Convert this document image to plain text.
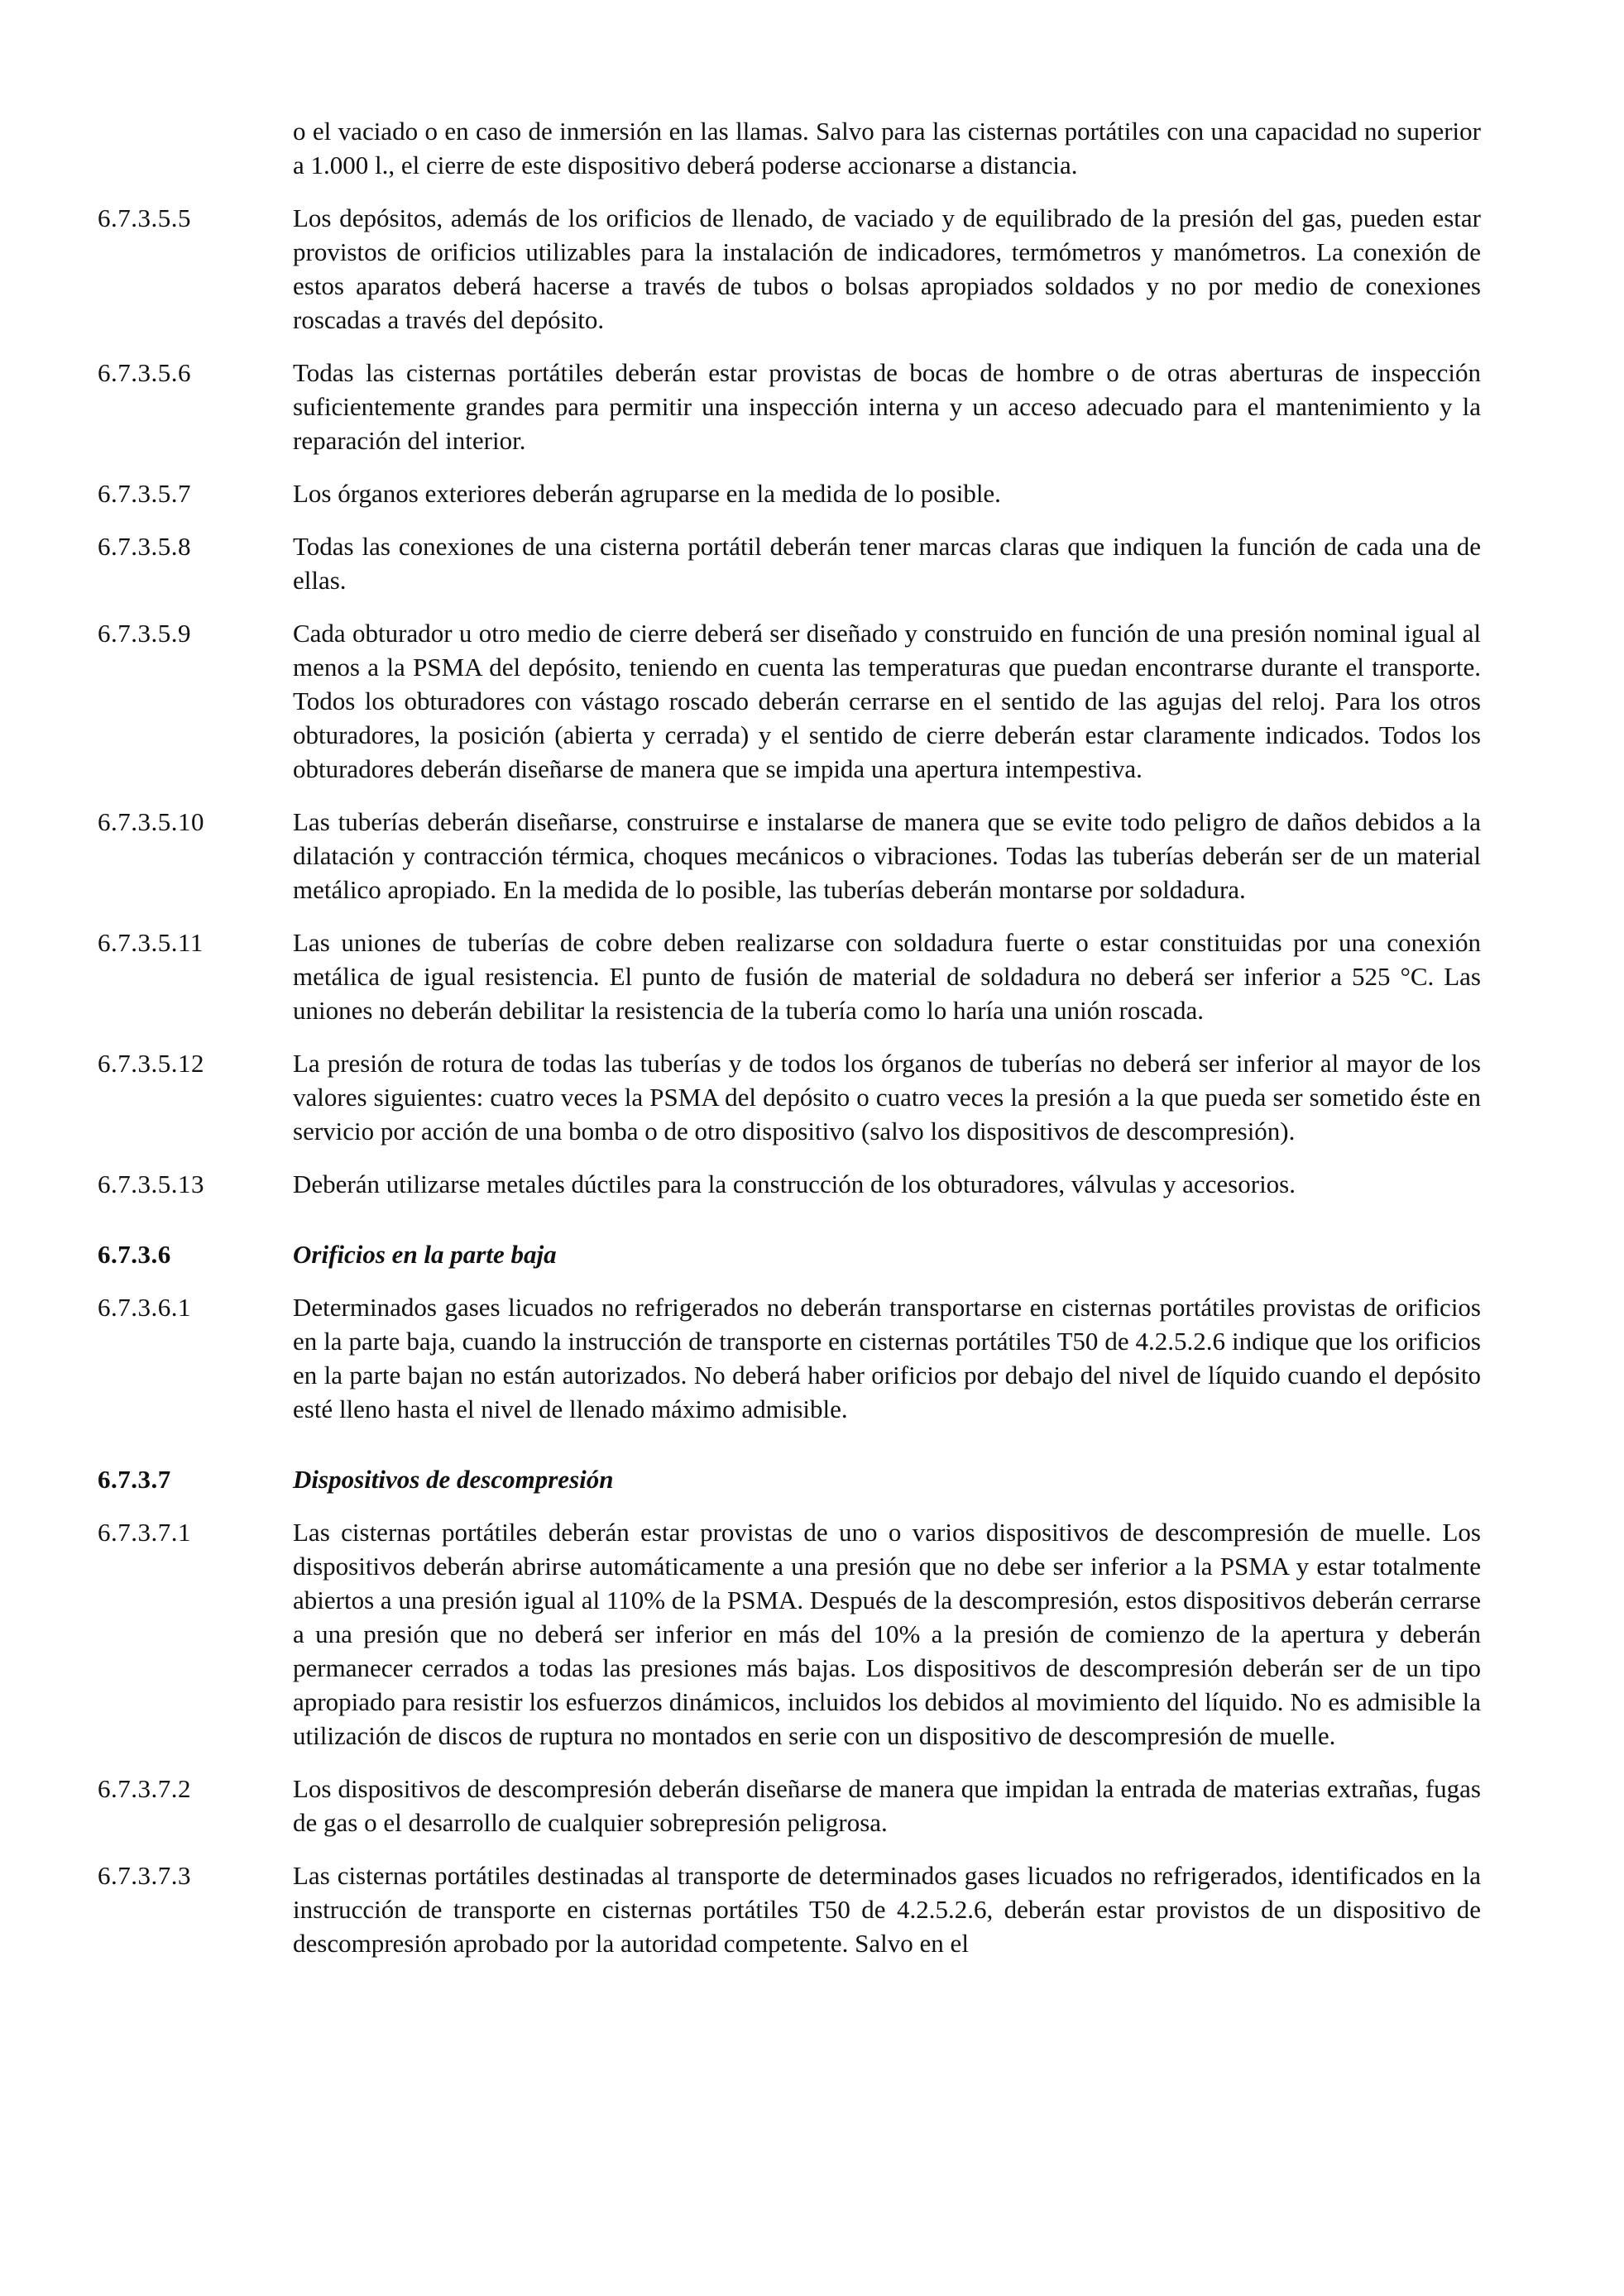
o el vaciado o en caso de inmersión en las llamas. Salvo para las cisternas portátiles con una capacidad no superior a 1.000 l., el cierre de este dispositivo deberá poderse accionarse a distancia.
6.7.3.5.5	Los depósitos, además de los orificios de llenado, de vaciado y de equilibrado de la presión del gas, pueden estar provistos de orificios utilizables para la instalación de indicadores, termómetros y manómetros. La conexión de estos aparatos deberá hacerse a través de tubos o bolsas apropiados soldados y no por medio de conexiones roscadas a través del depósito.
6.7.3.5.6	Todas las cisternas portátiles deberán estar provistas de bocas de hombre o de otras aberturas de inspección suficientemente grandes para permitir una inspección interna y un acceso adecuado para el mantenimiento y la reparación del interior.
6.7.3.5.7	Los órganos exteriores deberán agruparse en la medida de lo posible.
6.7.3.5.8	Todas las conexiones de una cisterna portátil deberán tener marcas claras que indiquen la función de cada una de ellas.
6.7.3.5.9	Cada obturador u otro medio de cierre deberá ser diseñado y construido en función de una presión nominal igual al menos a la PSMA del depósito, teniendo en cuenta las temperaturas que puedan encontrarse durante el transporte. Todos los obturadores con vástago roscado deberán cerrarse en el sentido de las agujas del reloj. Para los otros obturadores, la posición (abierta y cerrada) y el sentido de cierre deberán estar claramente indicados. Todos los obturadores deberán diseñarse de manera que se impida una apertura intempestiva.
6.7.3.5.10	Las tuberías deberán diseñarse, construirse e instalarse de manera que se evite todo peligro de daños debidos a la dilatación y contracción térmica, choques mecánicos o vibraciones. Todas las tuberías deberán ser de un material metálico apropiado. En la medida de lo posible, las tuberías deberán montarse por soldadura.
6.7.3.5.11	Las uniones de tuberías de cobre deben realizarse con soldadura fuerte o estar constituidas por una conexión metálica de igual resistencia. El punto de fusión de material de soldadura no deberá ser inferior a 525 °C. Las uniones no deberán debilitar la resistencia de la tubería como lo haría una unión roscada.
6.7.3.5.12	La presión de rotura de todas las tuberías y de todos los órganos de tuberías no deberá ser inferior al mayor de los valores siguientes: cuatro veces la PSMA del depósito o cuatro veces la presión a la que pueda ser sometido éste en servicio por acción de una bomba o de otro dispositivo (salvo los dispositivos de descompresión).
6.7.3.5.13	Deberán utilizarse metales dúctiles para la construcción de los obturadores, válvulas y accesorios.
6.7.3.6	Orificios en la parte baja
6.7.3.6.1	Determinados gases licuados no refrigerados no deberán transportarse en cisternas portátiles provistas de orificios en la parte baja, cuando la instrucción de transporte en cisternas portátiles T50 de 4.2.5.2.6 indique que los orificios en la parte bajan no están autorizados. No deberá haber orificios por debajo del nivel de líquido cuando el depósito esté lleno hasta el nivel de llenado máximo admisible.
6.7.3.7	Dispositivos de descompresión
6.7.3.7.1	Las cisternas portátiles deberán estar provistas de uno o varios dispositivos de descompresión de muelle. Los dispositivos deberán abrirse automáticamente a una presión que no debe ser inferior a la PSMA y estar totalmente abiertos a una presión igual al 110% de la PSMA. Después de la descompresión, estos dispositivos deberán cerrarse a una presión que no deberá ser inferior en más del 10% a la presión de comienzo de la apertura y deberán permanecer cerrados a todas las presiones más bajas. Los dispositivos de descompresión deberán ser de un tipo apropiado para resistir los esfuerzos dinámicos, incluidos los debidos al movimiento del líquido. No es admisible la utilización de discos de ruptura no montados en serie con un dispositivo de descompresión de muelle.
6.7.3.7.2	Los dispositivos de descompresión deberán diseñarse de manera que impidan la entrada de materias extrañas, fugas de gas o el desarrollo de cualquier sobrepresión peligrosa.
6.7.3.7.3	Las cisternas portátiles destinadas al transporte de determinados gases licuados no refrigerados, identificados en la instrucción de transporte en cisternas portátiles T50 de 4.2.5.2.6, deberán estar provistos de un dispositivo de descompresión aprobado por la autoridad competente. Salvo en el
